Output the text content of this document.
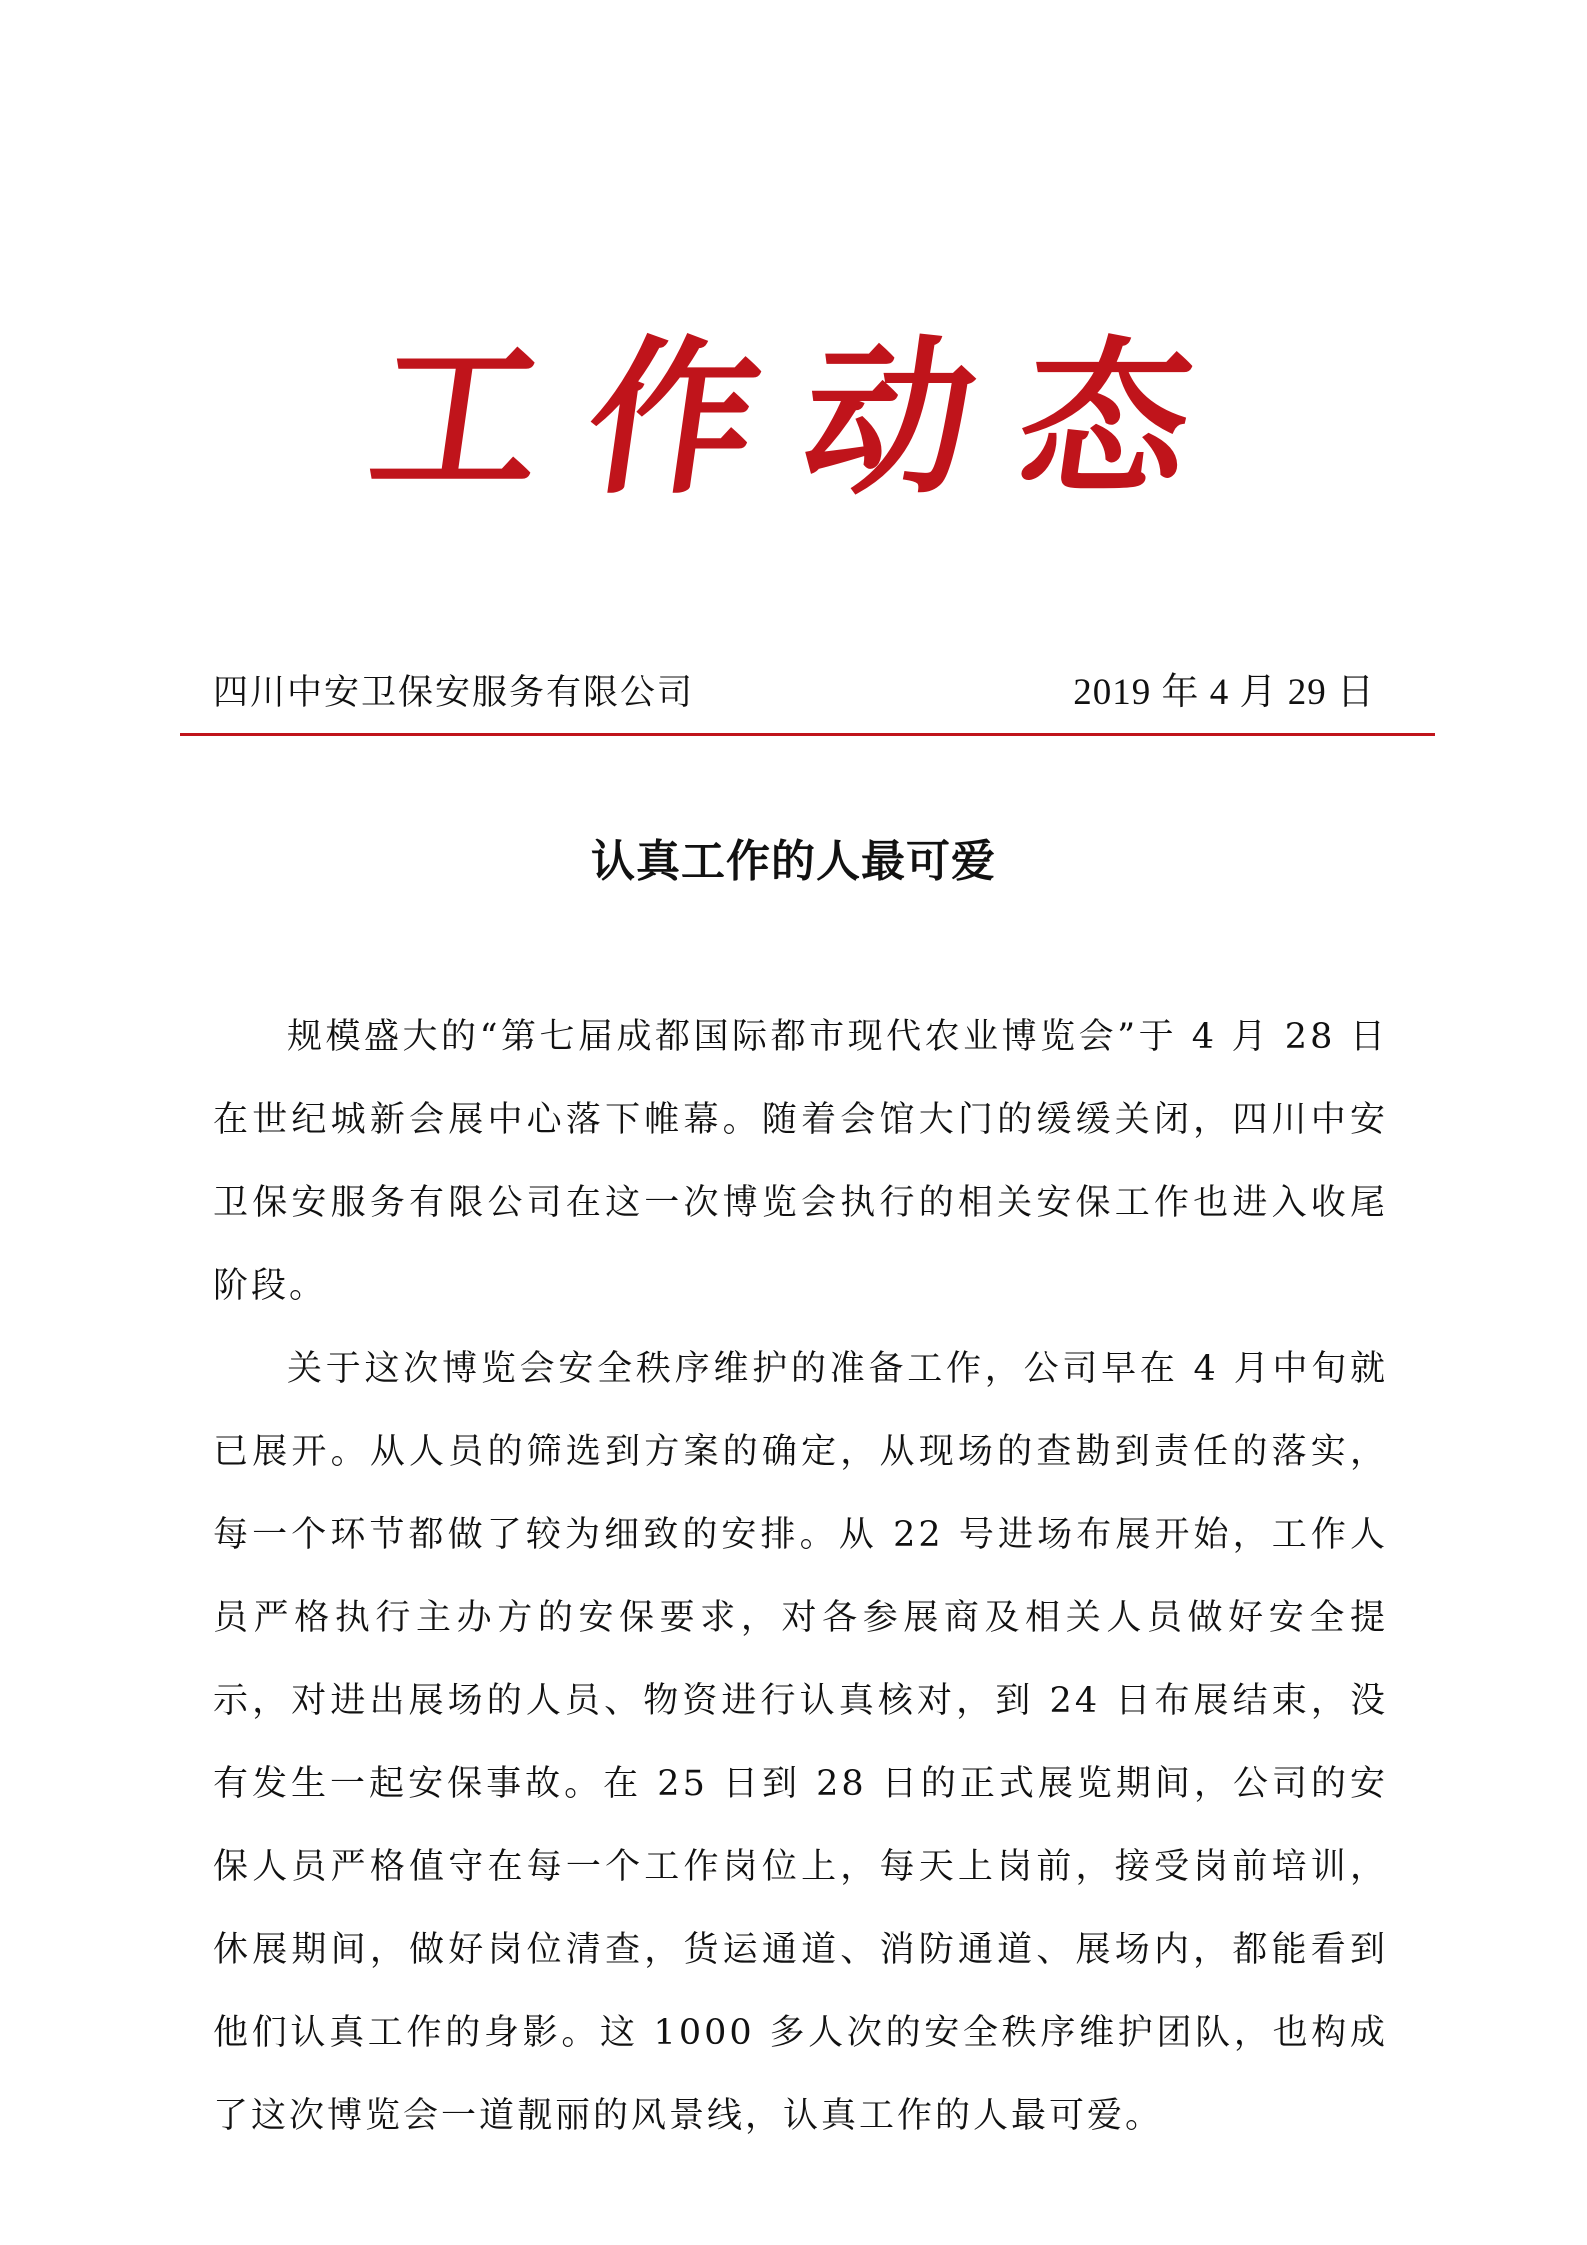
工作动态
四川中安卫保安服务有限公司	2019 年 4 月 29 日
认真工作的人最可爱

规模盛大的“第七届成都国际都市现代农业博览会”于 4 月 28 日在世纪城新会展中心落下帷幕。随着会馆大门的缓缓关闭，四川中安卫保安服务有限公司在这一次博览会执行的相关安保工作也进入收尾阶段。

关于这次博览会安全秩序维护的准备工作，公司早在 4 月中旬就已展开。从人员的筛选到方案的确定，从现场的查勘到责任的落实，每一个环节都做了较为细致的安排。从 22 号进场布展开始，工作人员严格执行主办方的安保要求，对各参展商及相关人员做好安全提示，对进出展场的人员、物资进行认真核对，到 24 日布展结束，没有发生一起安保事故。在 25 日到 28 日的正式展览期间，公司的安保人员严格值守在每一个工作岗位上，每天上岗前，接受岗前培训，休展期间，做好岗位清查，货运通道、消防通道、展场内，都能看到他们认真工作的身影。这 1000 多人次的安全秩序维护团队，也构成了这次博览会一道靓丽的风景线，认真工作的人最可爱。
